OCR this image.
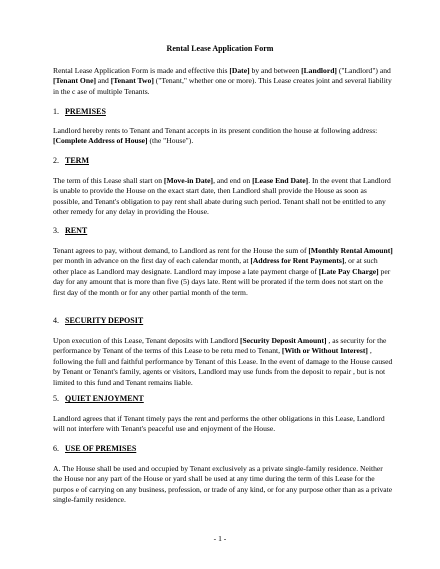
Rental Lease Application Form

Rental Lease Application Form is made and effective this [Date] by and between [Landlord] ("Landlord") and [Tenant One] and [Tenant Two] ("Tenant," whether one or more). This Lease creates joint and several liability in the c ase of multiple Tenants.

1. PREMISES

Landlord hereby rents to Tenant and Tenant accepts in its present condition the house at following address: [Complete Address of House] (the "House").

2. TERM

The term of this Lease shall start on [Move-in Date], and end on [Lease End Date]. In the event that Landlord is unable to provide the House on the exact start date, then Landlord shall provide the House as soon as possible, and Tenant's obligation to pay rent shall abate during such period. Tenant shall not be entitled to any other remedy for any delay in providing the House.

3. RENT

Tenant agrees to pay, without demand, to Landlord as rent for the House the sum of [Monthly Rental Amount] per month in advance on the first day of each calendar month, at [Address for Rent Payments], or at such other place as Landlord may designate. Landlord may impose a late payment charge of [Late Pay Charge] per day for any amount that is more than five (5) days late. Rent will be prorated if the term does not start on the first day of the month or for any other partial month of the term.

4. SECURITY DEPOSIT

Upon execution of this Lease, Tenant deposits with Landlord [Security Deposit Amount] , as security for the performance by Tenant of the terms of this Lease to be retu rned to Tenant, [With or Without Interest] , following the full and faithful performance by Tenant of this Lease. In the event of damage to the House caused by Tenant or Tenant's family, agents or visitors, Landlord may use funds from the deposit to repair , but is not limited to this fund and Tenant remains liable.

5. QUIET ENJOYMENT

Landlord agrees that if Tenant timely pays the rent and performs the other obligations in this Lease, Landlord will not interfere with Tenant's peaceful use and enjoyment of the House.

6. USE OF PREMISES

A. The House shall be used and occupied by Tenant exclusively as a private single-family residence. Neither the House nor any part of the House or yard shall be used at any time during the term of this Lease for the purpos e of carrying on any business, profession, or trade of any kind, or for any purpose other than as a private single-family residence.

- 1 -
